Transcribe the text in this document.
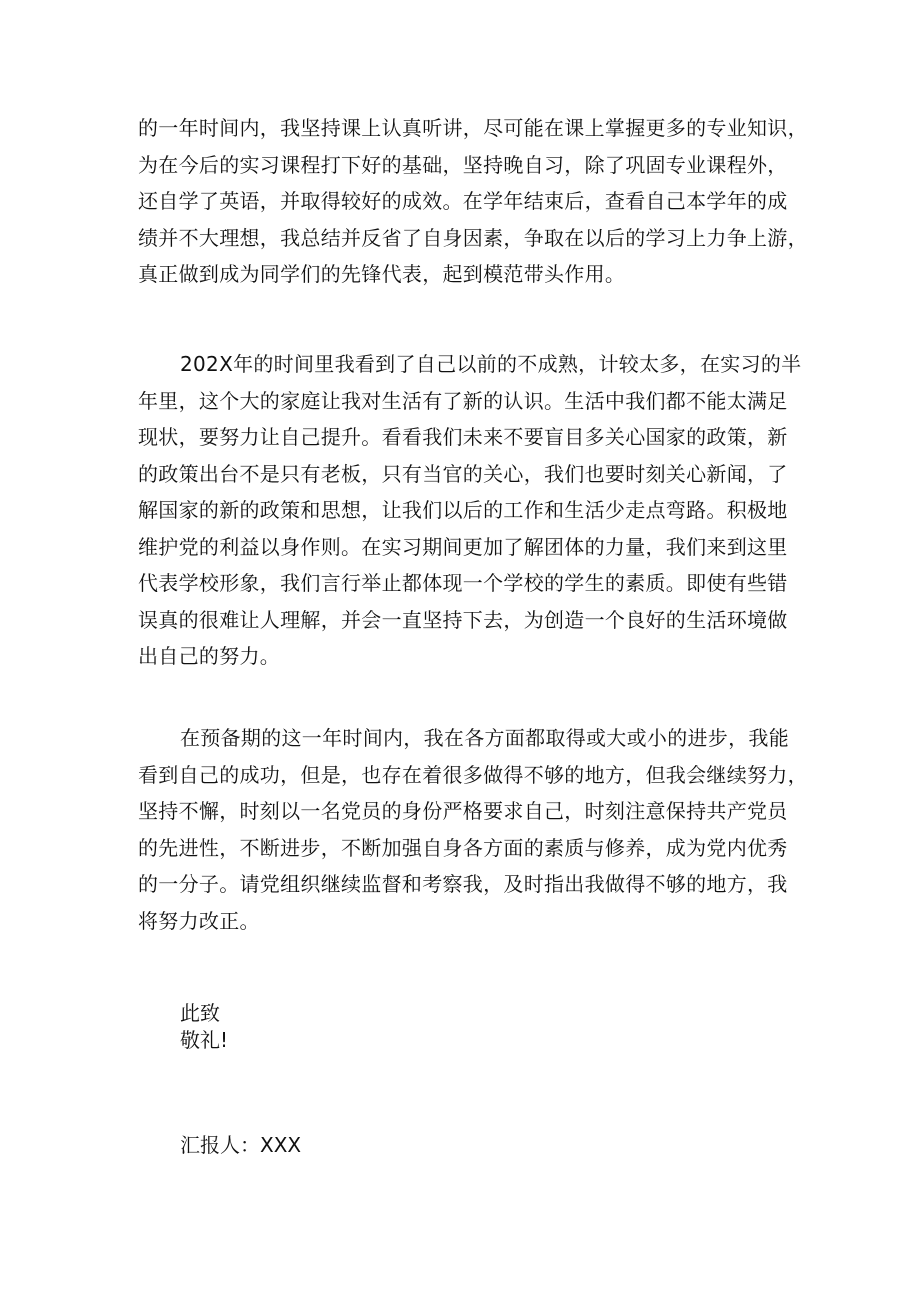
的一年时间内，我坚持课上认真听讲，尽可能在课上掌握更多的专业知识，
为在今后的实习课程打下好的基础，坚持晚自习，除了巩固专业课程外，
还自学了英语，并取得较好的成效。在学年结束后，查看自己本学年的成
绩并不大理想，我总结并反省了自身因素，争取在以后的学习上力争上游，
真正做到成为同学们的先锋代表，起到模范带头作用。
202X年的时间里我看到了自己以前的不成熟，计较太多，在实习的半
年里，这个大的家庭让我对生活有了新的认识。生活中我们都不能太满足
现状，要努力让自己提升。看看我们未来不要盲目多关心国家的政策，新
的政策出台不是只有老板，只有当官的关心，我们也要时刻关心新闻，了
解国家的新的政策和思想，让我们以后的工作和生活少走点弯路。积极地
维护党的利益以身作则。在实习期间更加了解团体的力量，我们来到这里
代表学校形象，我们言行举止都体现一个学校的学生的素质。即使有些错
误真的很难让人理解，并会一直坚持下去，为创造一个良好的生活环境做
出自己的努力。
在预备期的这一年时间内，我在各方面都取得或大或小的进步，我能
看到自己的成功，但是，也存在着很多做得不够的地方，但我会继续努力，
坚持不懈，时刻以一名党员的身份严格要求自己，时刻注意保持共产党员
的先进性，不断进步，不断加强自身各方面的素质与修养，成为党内优秀
的一分子。请党组织继续监督和考察我，及时指出我做得不够的地方，我
将努力改正。
此致
敬礼!
汇报人：XXX
